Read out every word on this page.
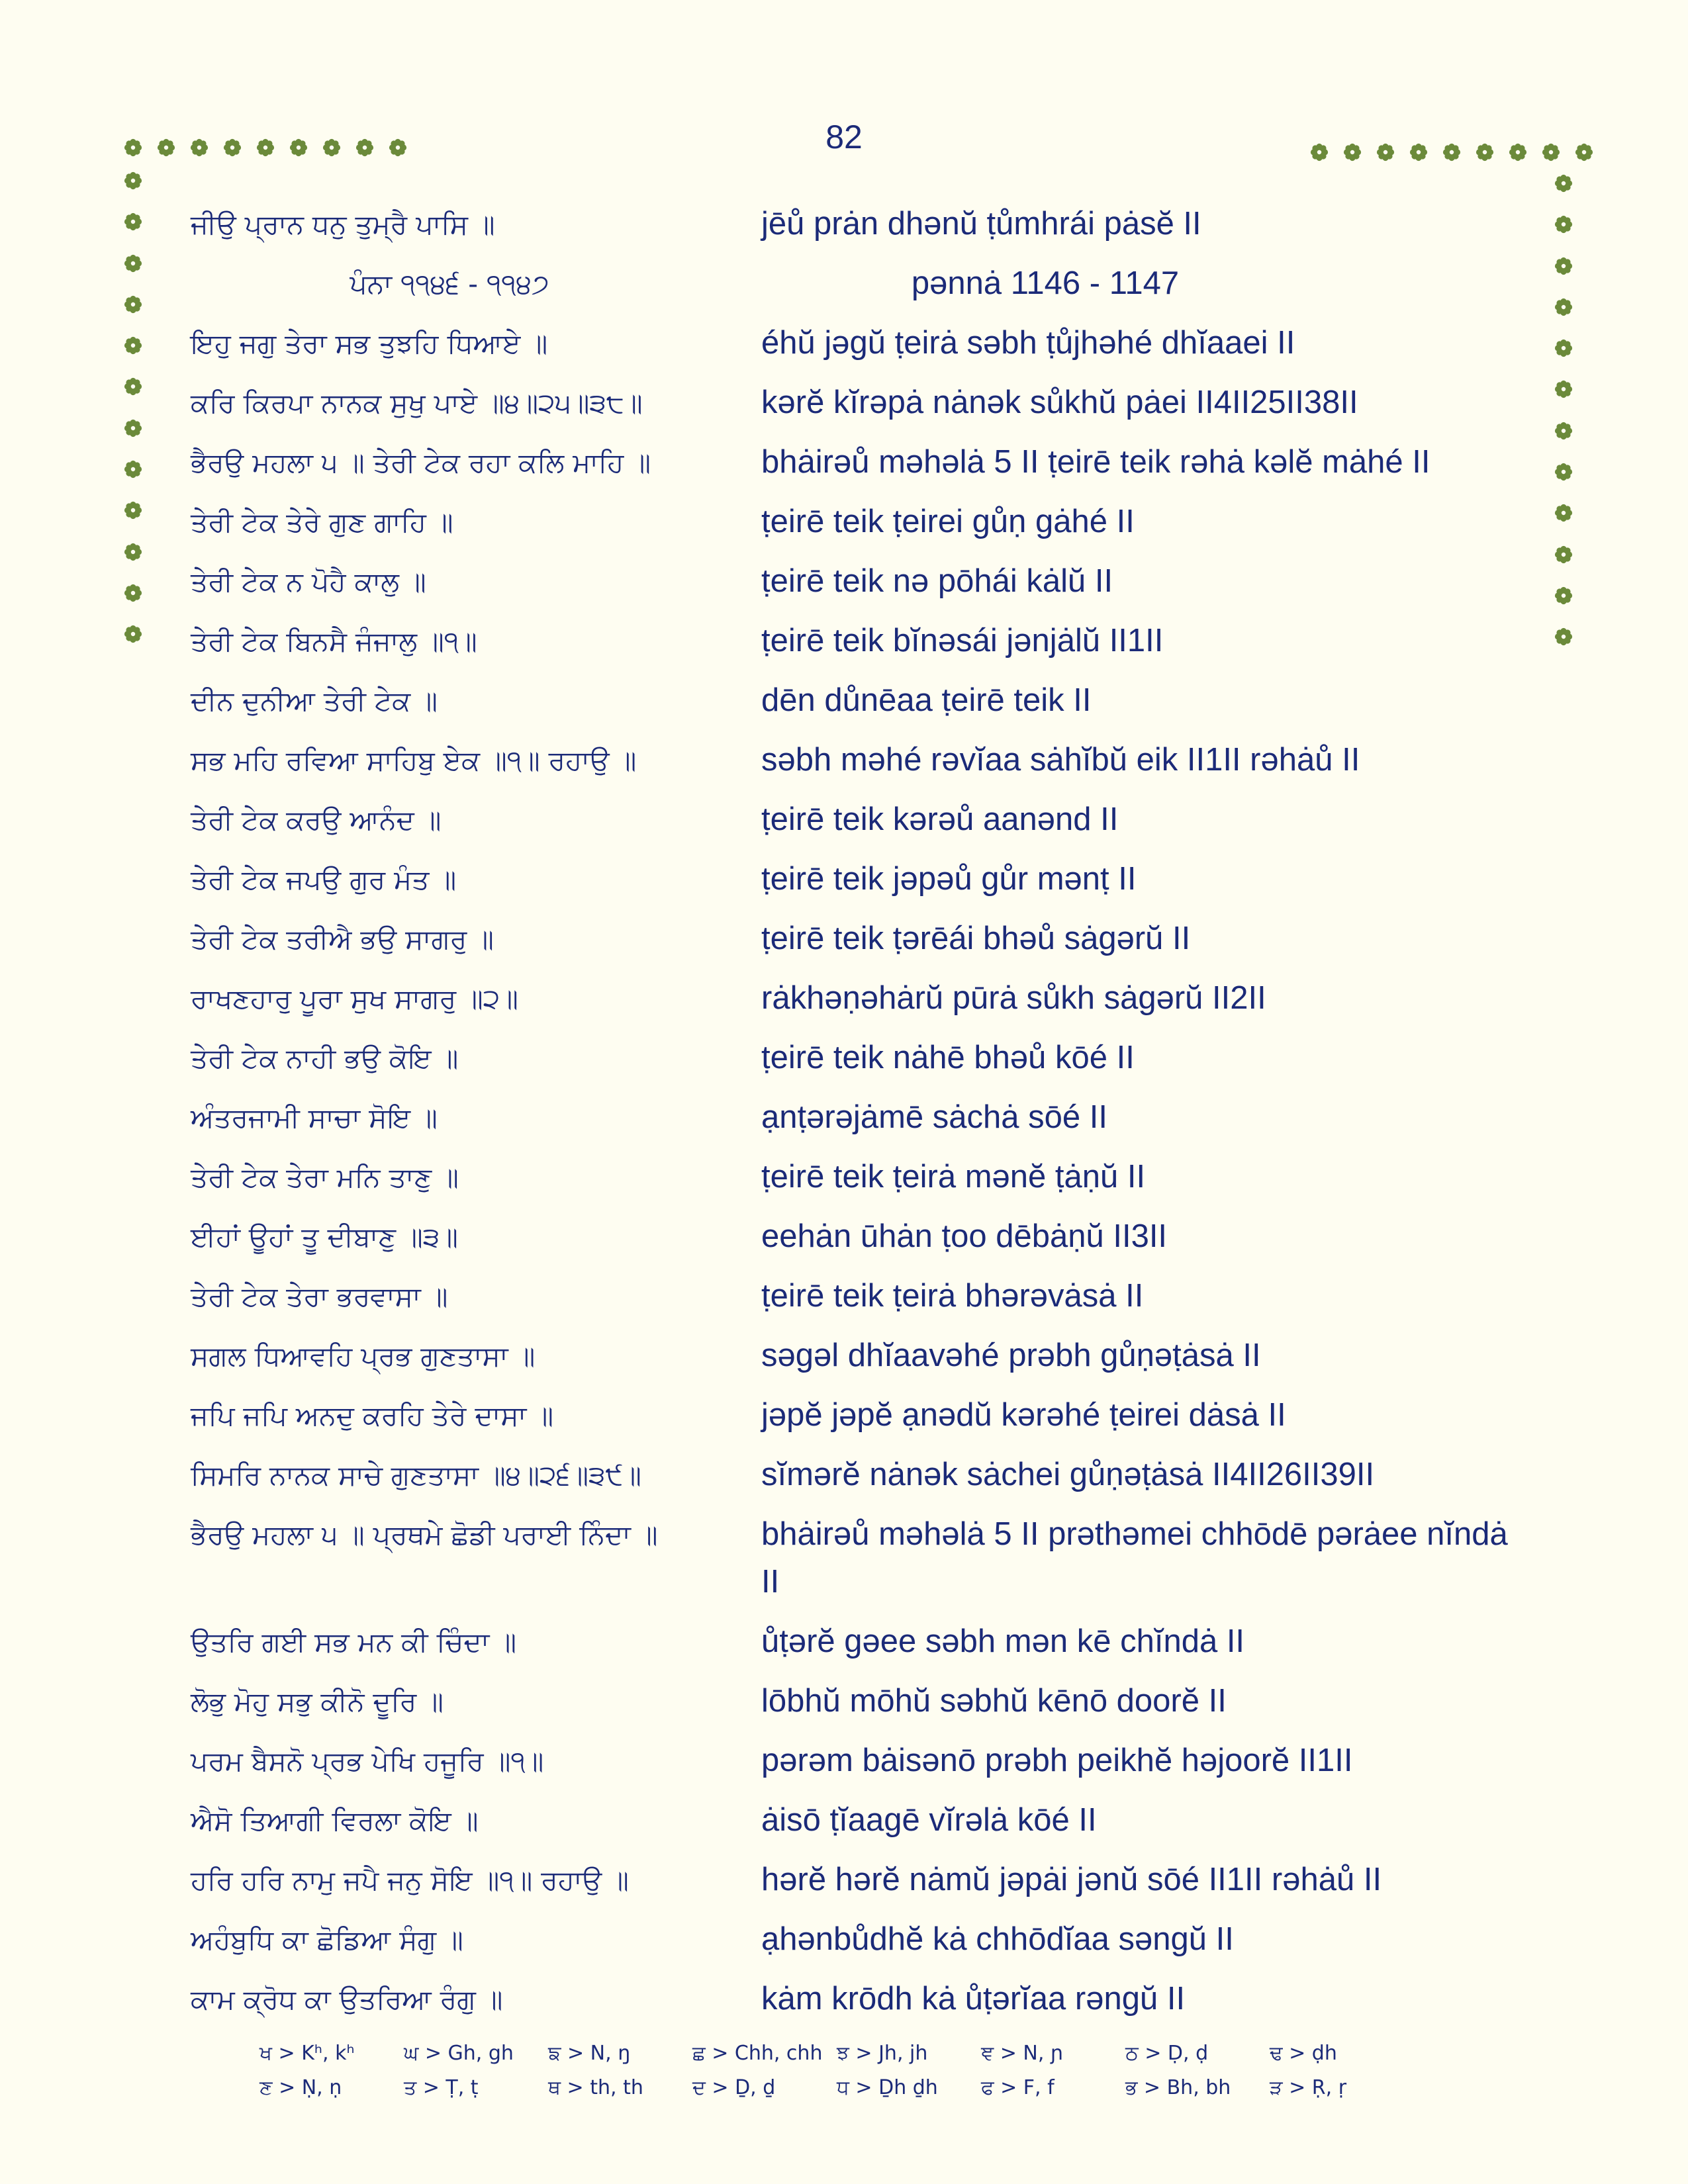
82
ਜੀਉ ਪ੍ਰਾਨ ਧਨੁ ਤੁਮ੍ਰੈ ਪਾਸਿ ॥	jēů prȧn dhənŭ ṭůmhrái pȧsĕ II
ਪੰਨਾ ੧੧੪੬ - ੧੧੪੭	pənnȧ 1146 - 1147
ਇਹੁ ਜਗੁ ਤੇਰਾ ਸਭ ਤੁਝਹਿ ਧਿਆਏ ॥	éhŭ jəgŭ ṭeirȧ səbh ṭůjhəhé dhĭaaei II
ਕਰਿ ਕਿਰਪਾ ਨਾਨਕ ਸੁਖੁ ਪਾਏ ॥੪॥੨੫॥੩੮॥	kərĕ kĭrəpȧ nȧnək sůkhŭ pȧei II4II25II38II
ਭੈਰਉ ਮਹਲਾ ੫ ॥ ਤੇਰੀ ਟੇਕ ਰਹਾ ਕਲਿ ਮਾਹਿ ॥	bhȧirəů məhəlȧ 5 II ṭeirē teik rəhȧ kəlĕ mȧhé II
ਤੇਰੀ ਟੇਕ ਤੇਰੇ ਗੁਣ ਗਾਹਿ ॥	ṭeirē teik ṭeirei gůṇ gȧhé II
ਤੇਰੀ ਟੇਕ ਨ ਪੋਹੈ ਕਾਲੁ ॥	ṭeirē teik nə pōhái kȧlŭ II
ਤੇਰੀ ਟੇਕ ਬਿਨਸੈ ਜੰਜਾਲੁ ॥੧॥	ṭeirē teik bĭnəsái jənjȧlŭ II1II
ਦੀਨ ਦੁਨੀਆ ਤੇਰੀ ਟੇਕ ॥	dēn důnēaa ṭeirē teik II
ਸਭ ਮਹਿ ਰਵਿਆ ਸਾਹਿਬੁ ਏਕ ॥੧॥ ਰਹਾਉ ॥	səbh məhé rəvĭaa sȧhĭbŭ eik II1II rəhȧů II
ਤੇਰੀ ਟੇਕ ਕਰਉ ਆਨੰਦ ॥	ṭeirē teik kərəů aanənd II
ਤੇਰੀ ਟੇਕ ਜਪਉ ਗੁਰ ਮੰਤ ॥	ṭeirē teik jəpəů gůr mənṭ II
ਤੇਰੀ ਟੇਕ ਤਰੀਐ ਭਉ ਸਾਗਰੁ ॥	ṭeirē teik ṭərēái bhəů sȧgərŭ II
ਰਾਖਣਹਾਰੁ ਪੂਰਾ ਸੁਖ ਸਾਗਰੁ ॥੨॥	rȧkhəṇəhȧrŭ pūrȧ sůkh sȧgərŭ II2II
ਤੇਰੀ ਟੇਕ ਨਾਹੀ ਭਉ ਕੋਇ ॥	ṭeirē teik nȧhē bhəů kōé II
ਅੰਤਰਜਾਮੀ ਸਾਚਾ ਸੋਇ ॥	ạnṭərəjȧmē sȧchȧ sōé II
ਤੇਰੀ ਟੇਕ ਤੇਰਾ ਮਨਿ ਤਾਣੁ ॥	ṭeirē teik ṭeirȧ mənĕ ṭȧṇŭ II
ਈਹਾਂ ਊਹਾਂ ਤੂ ਦੀਬਾਣੁ ॥੩॥	eehȧn ūhȧn ṭoo dēbȧṇŭ II3II
ਤੇਰੀ ਟੇਕ ਤੇਰਾ ਭਰਵਾਸਾ ॥	ṭeirē teik ṭeirȧ bhərəvȧsȧ II
ਸਗਲ ਧਿਆਵਹਿ ਪ੍ਰਭ ਗੁਣਤਾਸਾ ॥	səgəl dhĭaavəhé prəbh gůṇəṭȧsȧ II
ਜਪਿ ਜਪਿ ਅਨਦੁ ਕਰਹਿ ਤੇਰੇ ਦਾਸਾ ॥	jəpĕ jəpĕ ạnədŭ kərəhé ṭeirei dȧsȧ II
ਸਿਮਰਿ ਨਾਨਕ ਸਾਚੇ ਗੁਣਤਾਸਾ ॥੪॥੨੬॥੩੯॥	sĭmərĕ nȧnək sȧchei gůṇəṭȧsȧ II4II26II39II
ਭੈਰਉ ਮਹਲਾ ੫ ॥ ਪ੍ਰਥਮੇ ਛੋਡੀ ਪਰਾਈ ਨਿੰਦਾ ॥	bhȧirəů məhəlȧ 5 II prəthəmei chhōdē pərȧee nĭndȧ II
ਉਤਰਿ ਗਈ ਸਭ ਮਨ ਕੀ ਚਿੰਦਾ ॥	ůṭərĕ gəee səbh mən kē chĭndȧ II
ਲੋਭੁ ਮੋਹੁ ਸਭੁ ਕੀਨੋ ਦੂਰਿ ॥	lōbhŭ mōhŭ səbhŭ kēnō doorĕ II
ਪਰਮ ਬੈਸਨੋ ਪ੍ਰਭ ਪੇਖਿ ਹਜੂਰਿ ॥੧॥	pərəm bȧisənō prəbh peikhĕ həjoorĕ II1II
ਐਸੋ ਤਿਆਗੀ ਵਿਰਲਾ ਕੋਇ ॥	ȧisō ṭĭaagē vĭrəlȧ kōé II
ਹਰਿ ਹਰਿ ਨਾਮੁ ਜਪੈ ਜਨੁ ਸੋਇ ॥੧॥ ਰਹਾਉ ॥	hərĕ hərĕ nȧmŭ jəpȧi jənŭ sōé II1II rəhȧů II
ਅਹੰਬੁਧਿ ਕਾ ਛੋਡਿਆ ਸੰਗੁ ॥	ạhənbůdhĕ kȧ chhōdĭaa səngŭ II
ਕਾਮ ਕ੍ਰੋਧ ਕਾ ਉਤਰਿਆ ਰੰਗੁ ॥	kȧm krōdh kȧ ůṭərĭaa rəngŭ II
ਖ > Kʰ, kʰ	ਘ > Gh, gh	ਙ > N, ŋ	ਛ > Chh, chh ਝ > Jh, jh	ਞ > N, ɲ	ਠ > Ḍ, ḍ	ਢ > ḍh
ਣ > Ṇ, ṇ	ਤ > Ṭ, ṭ	ਥ > th, th	ਦ > Ḏ, ḏ	ਧ > Ḏh ḏh	ਫ > F, f	ਭ > Bh, bh	ੜ > Ṛ, ṛ
